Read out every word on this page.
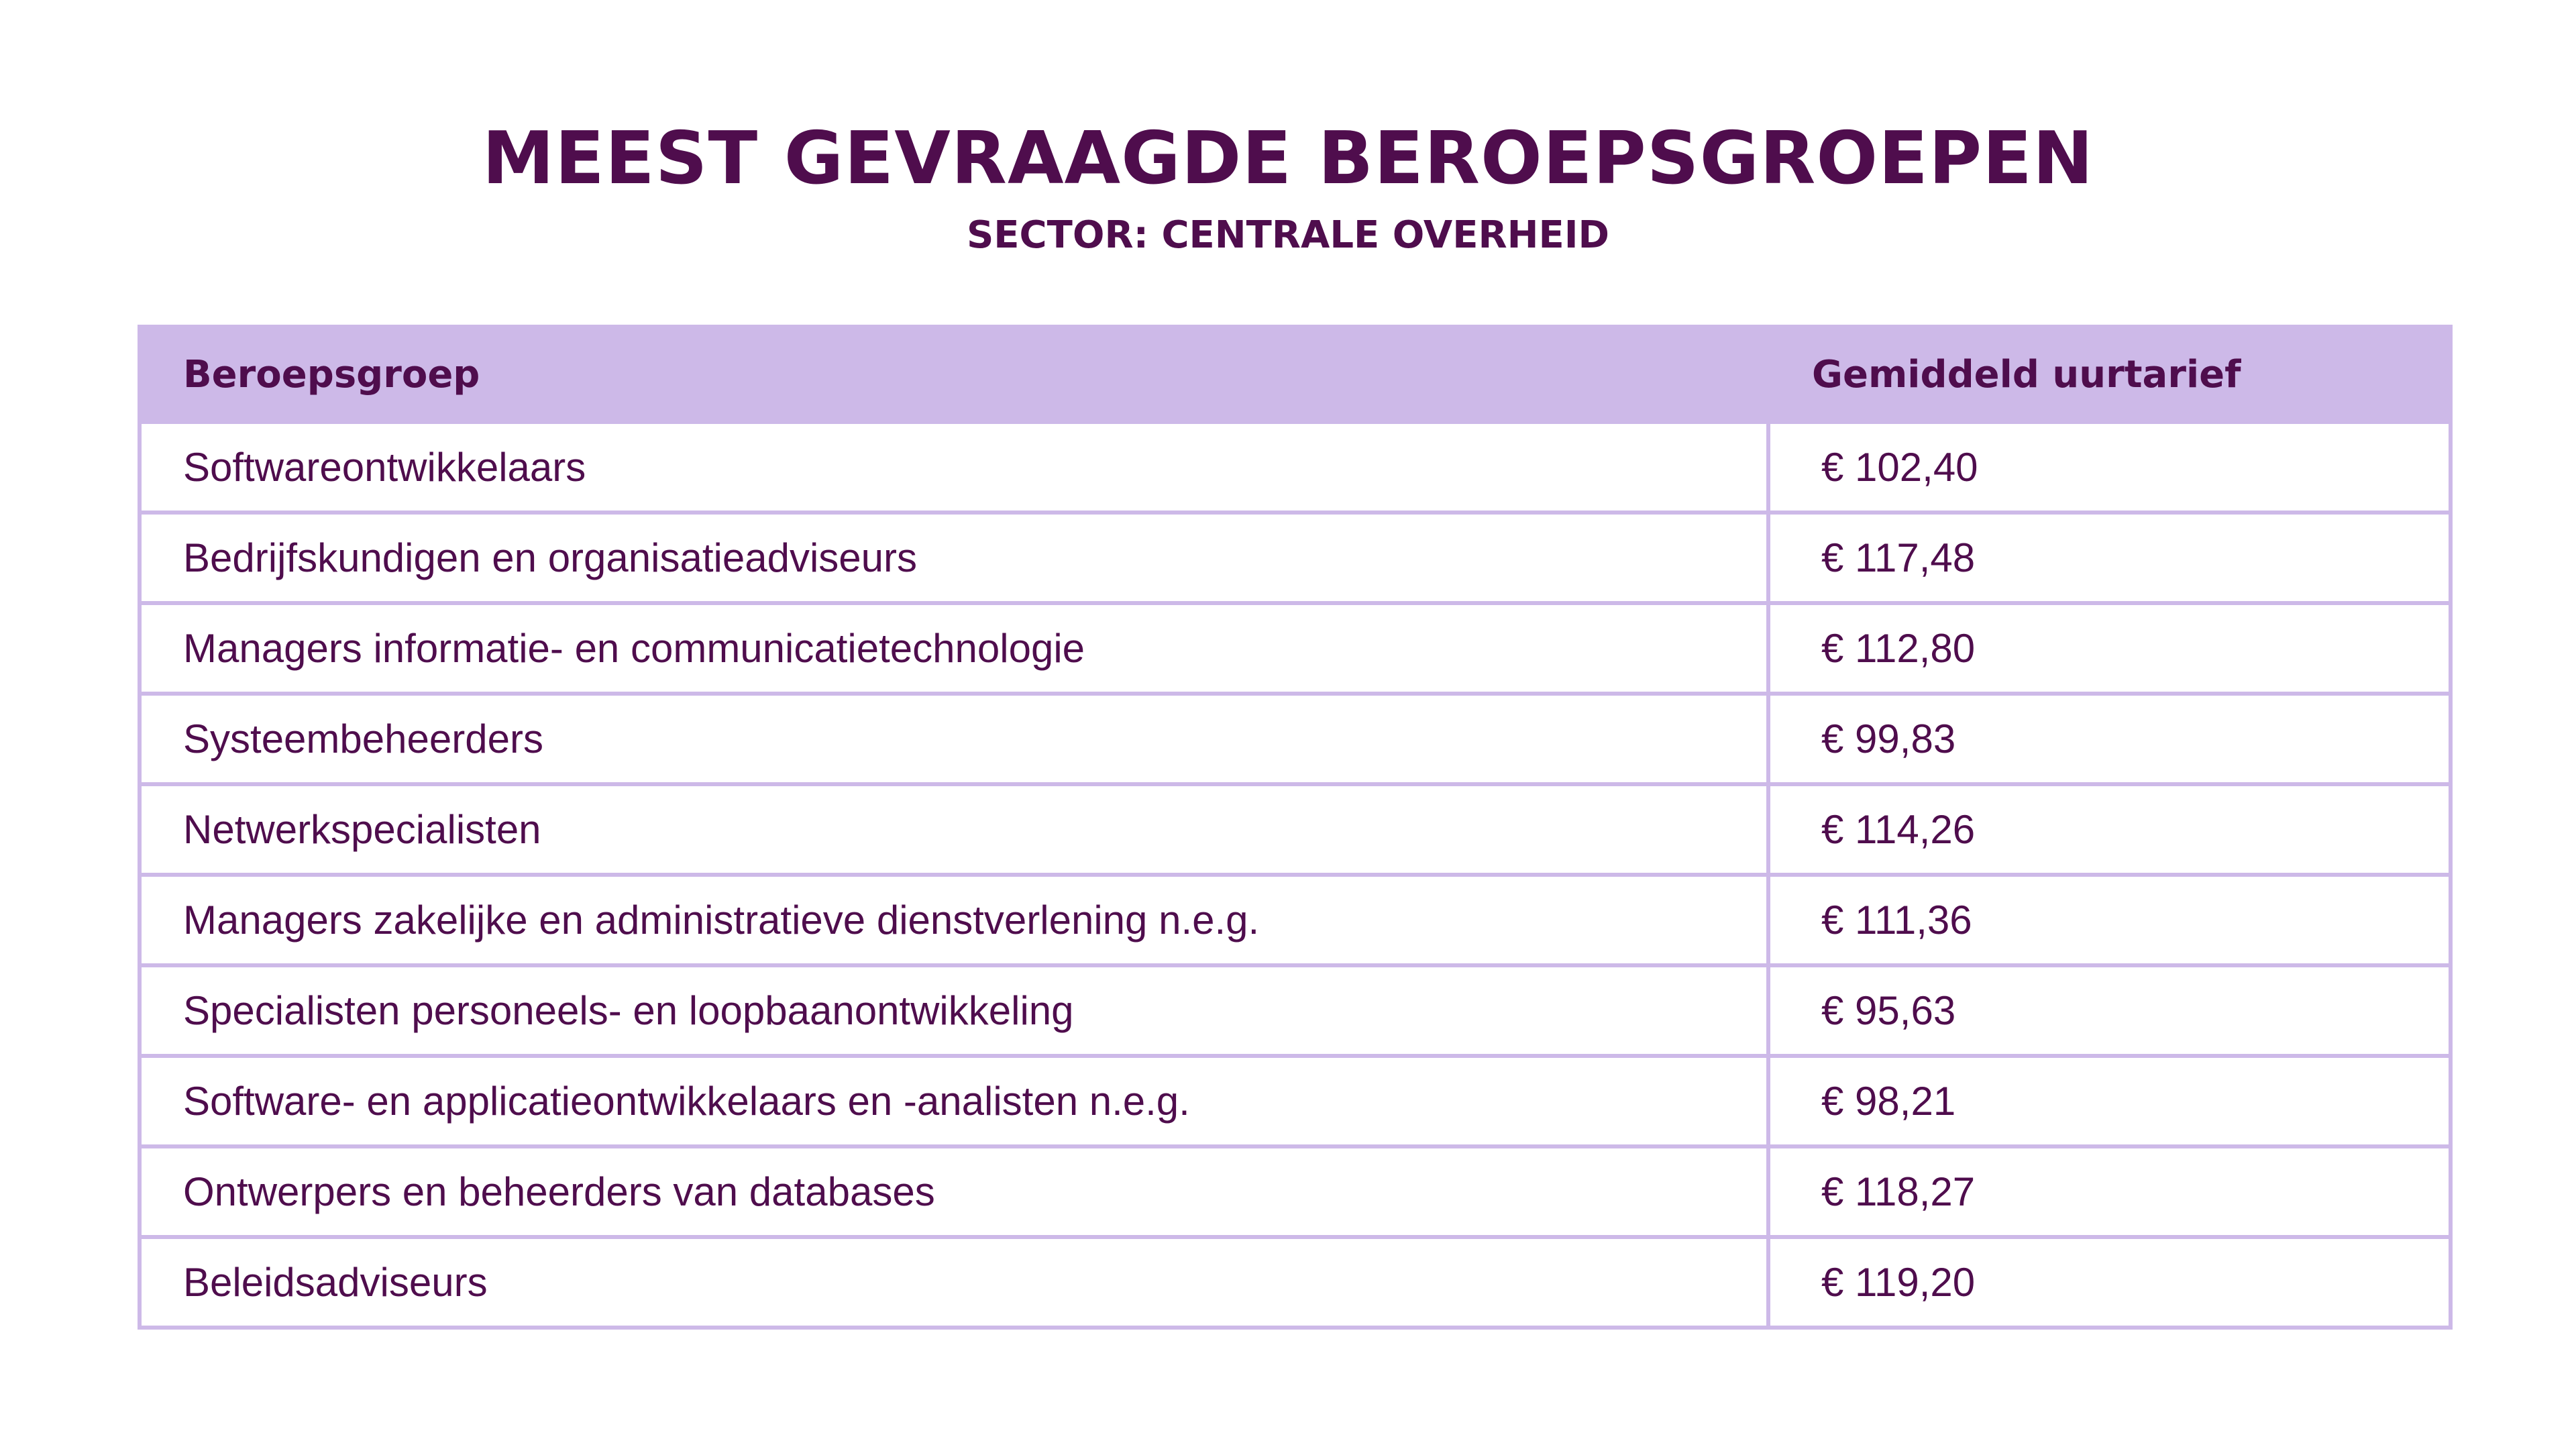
MEEST GEVRAAGDE BEROEPSGROEPEN
SECTOR: CENTRALE OVERHEID
Beroepsgroep	Gemiddeld uurtarief
Softwareontwikkelaars	€ 102,40
Bedrijfskundigen en organisatieadviseurs	€ 117,48
Managers informatie- en communicatietechnologie	€ 112,80
Systeembeheerders	€ 99,83
Netwerkspecialisten	€ 114,26
Managers zakelijke en administratieve dienstverlening n.e.g.	€ 111,36
Specialisten personeels- en loopbaanontwikkeling	€ 95,63
Software- en applicatieontwikkelaars en -analisten n.e.g.	€ 98,21
Ontwerpers en beheerders van databases	€ 118,27
Beleidsadviseurs	€ 119,20
